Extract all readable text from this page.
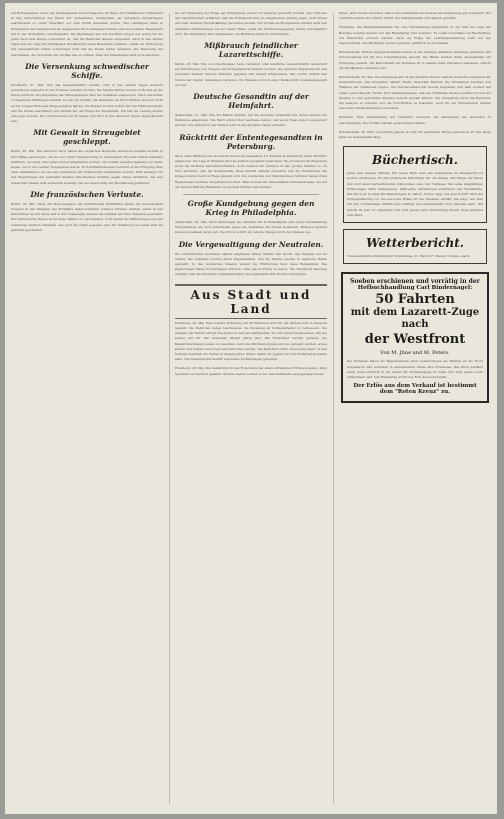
ein Hoheitsgebiet, bevor am Sonntagabend zwei Transporte im Wege der Unfallkunde rostbrandet in das Unternehmen der Hafen mit verhandelter Gefangenen, als Veteranen unzukriegend bearbeiteten so vieler Überfahrt vor dem Schiff derselben wurde. Wer Lastwagen hatte in Ortschaften der nachgeholten an ausgestellt. Die Leidensgeschichten sind auch andere Heeresteile mit in die Großstädte zurückgekehrt. Die Meldungen aus den Bezirken zeigen wie wenig für die Jahre nach dem Kriege vorbereitet ist, und die Behörden müssen eingreifen. Auch in den letzten Tagen hat die Lage der bedrängten Bevölkerung keine Besserung erfahren, zumal die Versorgung mit Lebensmitteln immer schwieriger wird und die Preise weiter anziehen. Die Regierung hat beschlossen, die Verteilung der Vorräte neu zu ordnen. Über die Einzelheiten wird noch berichtet.
Die Versenkung schwedischer Schiffe.
Stockholm, 27. Mai. Wie das Telegrammbüro meldet, sind in den letzten Tagen mehrere schwedische Dampfer in der Nordsee versenkt worden. Die Mannschaften wurden in Booten an die Küste gebracht. Die Regierung hat Erkundigungen über die Umstände eingezogen. Nach den bisher vorliegenden Meldungen handelt es sich um Schiffe, die Bannware an Bord führten und sich nicht an die vorgeschriebenen Wege gehalten hatten. Die Reeder fordern Schutz für den Handelsverkehr, und die Presse beschäftigt sich lebhaft mit der Frage der Neutralität. Ein Teil der Ladung konnte geborgen werden. Die Untersuchung ist im Gange und wird in den nächsten Tagen abgeschlossen sein.
Mit Gewalt in Streugebiet geschleppt.
Berlin, 28. Mai. Wie berichtet wird, haben die englischen Behörden wiederum neutrale Schiffe in ihre Häfen gezwungen, um sie dort einer Untersuchung zu unterziehen. Die betroffenen Kapitäne erklärten, sie seien ohne jeden Grund aufgehalten worden. Die Schiffe mussten tagelang vor Anker liegen, bevor die Ladung freigegeben wurde. In Schifffahrtskreisen herrscht große Erregung über diese Maßnahmen, die als eine Verletzung des Völkerrechts empfunden werden. Man verlangt von den Regierungen der neutralen Staaten entschiedene Schritte gegen dieses Verfahren, das den friedlichen Handel aufs schwerste schädigt und die Versorgung der Bevölkerung gefährdet.
Die französischen Verluste.
Berlin, 28. Mai. Nach den Berechnungen der militärischen Fachblätter haben die französischen Truppen in den Kämpfen des Frühjahrs außerordentlich schwere Verluste erlitten. Allein in den Abschnitten an der Aisne und in der Champagne werden die Ausfälle auf viele Tausende geschätzt. Die französische Presse sucht diese Zahlen zu verschleiern, doch lassen die Mitteilungen aus den Lazaretten deutlich erkennen, wie groß die Opfer gewesen sind. Die Stimmung im Lande wird als gedrückt geschildert.
bei der Regierung die Frage der Verpflegung erneut zur Sprache gebracht worden. Die Vertreter der Landwirtschaft erklärten, daß die Ernteaussichten im allgemeinen günstig seien, doch müsse mit einer weiteren Einschränkung gerechnet werden. Die Vorräte an Brotgetreide reichen nach den amtlichen Feststellungen bis zur neuen Ernte, wenn die Verbrauchsregelung streng durchgeführt wird. Die Gemeinden sind angewiesen, die Bestände genau zu überwachen.
Mißbrauch feindlicher Lazarettschiffe.
Berlin, 28. Mai. Wie von zuverlässiger Seite verlautet, sind feindliche Lazarettschiffe wiederholt zur Beförderung von Truppen und Kriegsmaterial benutzt worden. Die deutsche Regierung hat den neutralen Staaten hiervon Kenntnis gegeben und darauf hingewiesen, daß solche Schiffe den Schutz der Genfer Abkommen verlieren. Die Beweise sind in einer Denkschrift zusammengestellt worden.
Deutsche Gesandtin auf der Heimfahrt.
Amsterdam, 27. Mai. Wie die Blätter melden, hat die deutsche Gesandtin mit ihrem Gefolge die Heimreise angetreten. Die Fahrt erfolgt über neutrales Gebiet, und es ist freies Geleit zugesichert worden. Die Ankunft in der Heimat wird in den nächsten Tagen erwartet.
Rücktritt der Ententegesandten in Petersburg.
Nach einer Meldung aus Stockholm haben die Gesandten der Entente in Petersburg ihren Rücktritt angeboten. Die Lage in Rußland wird als äußerst gespannt bezeichnet. Die provisorische Regierung sucht die Ordnung aufrechtzuerhalten, doch nehmen die Unruhen in den großen Städten zu. Es wird berichtet, daß die Soldatenräte ihren Einfluß ständig erweitern und die Fortsetzung des Krieges immer mehr in Frage gestellt wird. Die englischen und französischen Vertreter haben ihren Regierungen hierüber eingehend berichtet. Man rechnet mit bedeutsamen Entscheidungen, die auf die weitere Haltung Rußlands von großem Einfluß sein werden.
Große Kundgebung gegen den Krieg in Philadelphia.
Amsterdam, 28. Mai. Nach Meldungen aus Amerika hat in Philadelphia eine große Versammlung stattgefunden, die sich entschieden gegen die Teilnahme am Kriege aussprach. Mehrere tausend Personen nahmen daran teil. Die Polizei schritt ein, als die Menge durch die Straßen zog.
Die Vergewaltigung der Neutralen.
Die unterdrückten neutralen Länder empfinden immer stärker den Druck, den England auf sie ausübt. Die Zufuhren werden ihnen abgeschnitten, und die Schiffe werden in englische Häfen gebracht. In den nordischen Staaten wächst die Erbitterung über diese Behandlung. Die Regierungen haben Vorstellungen erhoben, ohne jedoch Erfolg zu haben. Die öffentliche Meinung verlangt, daß die Neutralen zusammenstehen und gemeinsam ihre Rechte verteidigen.
Aus Stadt und Land
Friedberg, 29. Mai. Eine weitere Erhöhung der Brotrationen wird für die nächste Zeit in Aussicht gestellt. Die Behörden haben beschlossen, die Zuteilung an Schwerarbeiter zu verbessern. Die Ausgabe der Karten erfolgt wie bisher in den Geschäftsstellen. Es wird darauf hingewiesen, daß die Karten nur für den laufenden Monat gültig sind. Die Einwohner werden gebeten, die Bekanntmachungen genau zu beachten. Auch die Milchversorgung soll neu geregelt werden, wobei Kinder und Kranke bevorzugt berücksichtigt werden. Die Kartoffelvorräte sind ausreichend. In den Schulen beginnen die Ferien in diesem Jahre früher, damit die Jugend bei den Feldarbeiten helfen kann. Die Gemeinde hat hierfür besondere Vorkehrungen getroffen.
Friedberg, 29. Mai. Die Sammlung für das Rote Kreuz hat einen erfreulichen Ertrag ergeben. Allen Spendern sei herzlich gedankt. Weitere Gaben werden in der Geschäftsstelle entgegengenommen.
fallen. Jetzt wieder berichtet, daß in den Gemeinden des Kreises die Ablieferung gut vorangeht. Die Landwirte haben ihre Pflicht erfüllt. Die Sammelstellen sind täglich geöffnet.
Friedberg. Die Handwerkskammer hat eine Versammlung einberufen, in der über die Lage der Betriebe beraten werden soll. Die Beteiligung wird erwartet. Es sollen Vorschläge zur Beschaffung von Rohstoffen erörtert werden. Auch die Frage der Lehrlingsausbildung steht auf der Tagesordnung. Die Mitglieder werden gebeten, pünktlich zu erscheinen.
Bad-Nauheim. Weitere Kriegsbeschädigte haben in den hiesigen Anstalten Aufnahme gefunden. Die Kurverwaltung hat für ihre Unterbringung gesorgt. Die Bäder werden ihnen unentgeltlich zur Verfügung gestellt. Die Besuchszahl der Kurgäste ist in diesem Jahre erfreulich gestiegen, obwohl die Verhältnisse schwierig sind.
Bad-Nauheim, 28. Mai. Die Kurkapelle gibt in der nächsten Woche mehrere Konzerte zugunsten der Kriegsfürsorge. Das Programm umfaßt Werke deutscher Meister. Die Einnahmen kommen den Familien der Gefallenen zugute. Der Kartenverkauf hat bereits begonnen, und man rechnet mit einem guten Besuch. Ferner wird bekanntgegeben, daß die Trinkhalle wieder geöffnet ist und die Quellen zu den gewohnten Stunden benutzt werden können. Die Verwaltung bittet die Besucher, die Anlagen zu schonen und die Vorschriften zu beachten. Auch für die Verwundeten werden besondere Veranstaltungen vorbereitet.
Butzbach. Eine Versammlung der Landwirte beschloß, die Ablieferung des Getreides zu beschleunigen. Die Vorräte werden genau aufgenommen.
Reichelsheim. Im Alter von achtzig Jahren ist hier ein geachteter Bürger gestorben. Er war lange Jahre im Gemeinderat tätig.
Büchertisch.
Jeder sein eigener Gärtner. Ein neues Werk über den Gemüsebau im Kleingarten ist soeben erschienen. Es gibt praktische Ratschläge für die Anlage und Pflege der Beete und wird allen Gartenfreunden willkommen sein. Der Verfasser hat seine langjährigen Erfahrungen darin niedergelegt. Zahlreiche Abbildungen erleichtern das Verständnis. Das Buch ist in allen Buchhandlungen zu haben. Ferner liegt uns eine Schrift über die Kriegsernährung vor, die wertvolle Winke für die Hausfrau enthält. Sie zeigt, wie man mit den vorhandenen Mitteln eine kräftige und schmackhafte Kost bereiten kann. Die Schrift ist sehr zu empfehlen und wird gewiß weite Verbreitung finden. Preis geheftet eine Mark.
Wetterbericht.
Voraussichtliche Witterung für Donnerstag, 31. Mai 1917: Heiter, trocken, warm.
Soeben erschienen und vorrätig in der
Hofbuchhandlung Carl Bindernagel:
50 Fahrten
mit dem Lazarett-Zuge nach
der Westfront
Von M. Jhne und M. Peters.
Die Verfasser haben als Begleiterinnen eines Lazarettzuges die Fahrten an die Front mitgemacht und schildern in anschaulicher Weise ihre Erlebnisse. Das Buch gewährt einen tiefen Einblick in die Arbeit der Krankenpflege im Felde und wird jedem Leser willkommen sein. Der Reinertrag ist für das Rote Kreuz bestimmt.
Der Erlös aus dem Verkauf ist bestimmt dem "Roten Kreuz" zu.
